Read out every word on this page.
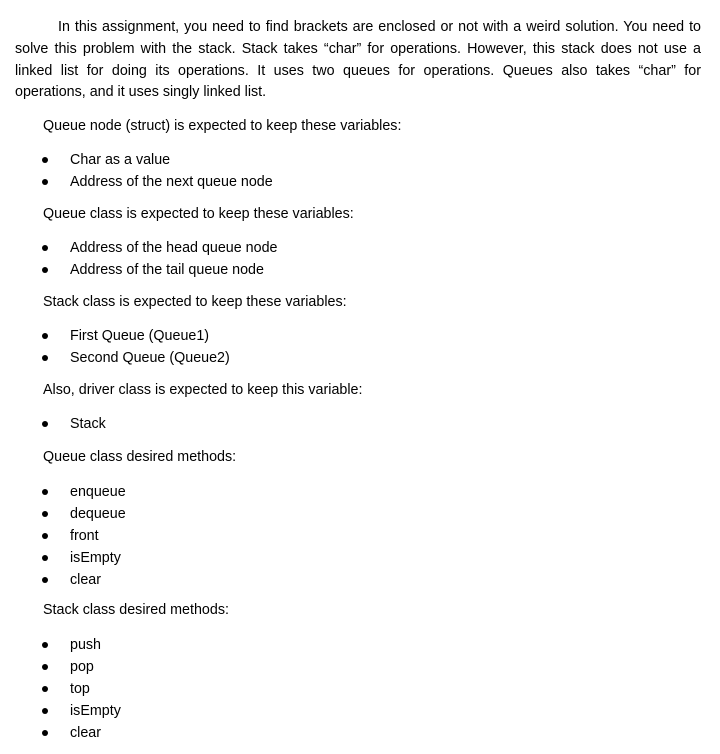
In this assignment, you need to find brackets are enclosed or not with a weird solution. You need to solve this problem with the stack. Stack takes “char” for operations. However, this stack does not use a linked list for doing its operations. It uses two queues for operations. Queues also takes “char” for operations, and it uses singly linked list.

Queue node (struct) is expected to keep these variables:

Char as a value
Address of the next queue node

Queue class is expected to keep these variables:

Address of the head queue node
Address of the tail queue node

Stack class is expected to keep these variables:

First Queue (Queue1)
Second Queue (Queue2)

Also, driver class is expected to keep this variable:

Stack

Queue class desired methods:

enqueue
dequeue
front
isEmpty
clear

Stack class desired methods:

push
pop
top
isEmpty
clear
